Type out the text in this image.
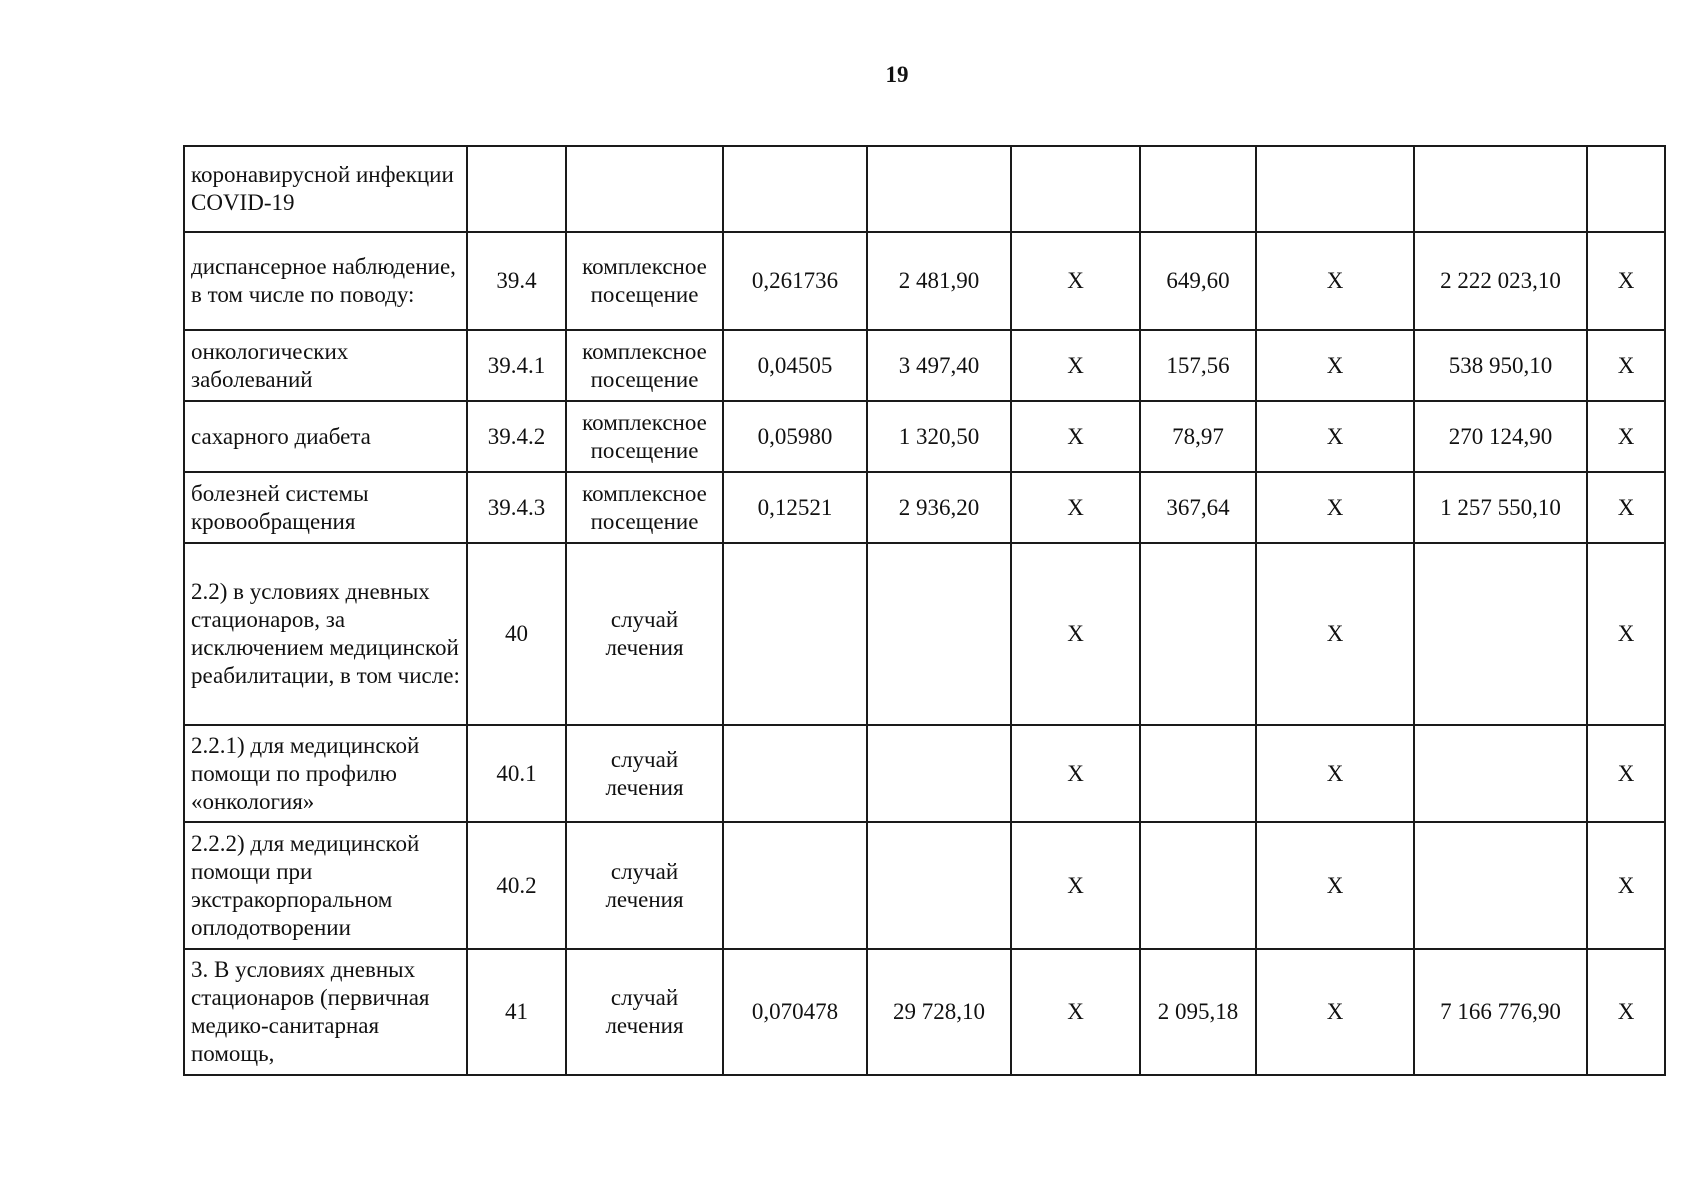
19
коронавирусной инфекции COVID-19									
диспансерное наблюдение, в том числе по поводу:	39.4	комплексное посещение	0,261736	2 481,90	X	649,60	X	2 222 023,10	X
онкологических заболеваний	39.4.1	комплексное посещение	0,04505	3 497,40	X	157,56	X	538 950,10	X
сахарного диабета	39.4.2	комплексное посещение	0,05980	1 320,50	X	78,97	X	270 124,90	X
болезней системы кровообращения	39.4.3	комплексное посещение	0,12521	2 936,20	X	367,64	X	1 257 550,10	X
2.2) в условиях дневных стационаров, за исключением медицинской реабилитации, в том числе:	40	случай лечения			X		X		X
2.2.1) для медицинской помощи по профилю «онкология»	40.1	случай лечения			X		X		X
2.2.2) для медицинской помощи при экстракорпоральном оплодотворении	40.2	случай лечения			X		X		X
3. В условиях дневных стационаров (первичная медико-санитарная помощь,	41	случай лечения	0,070478	29 728,10	X	2 095,18	X	7 166 776,90	X
